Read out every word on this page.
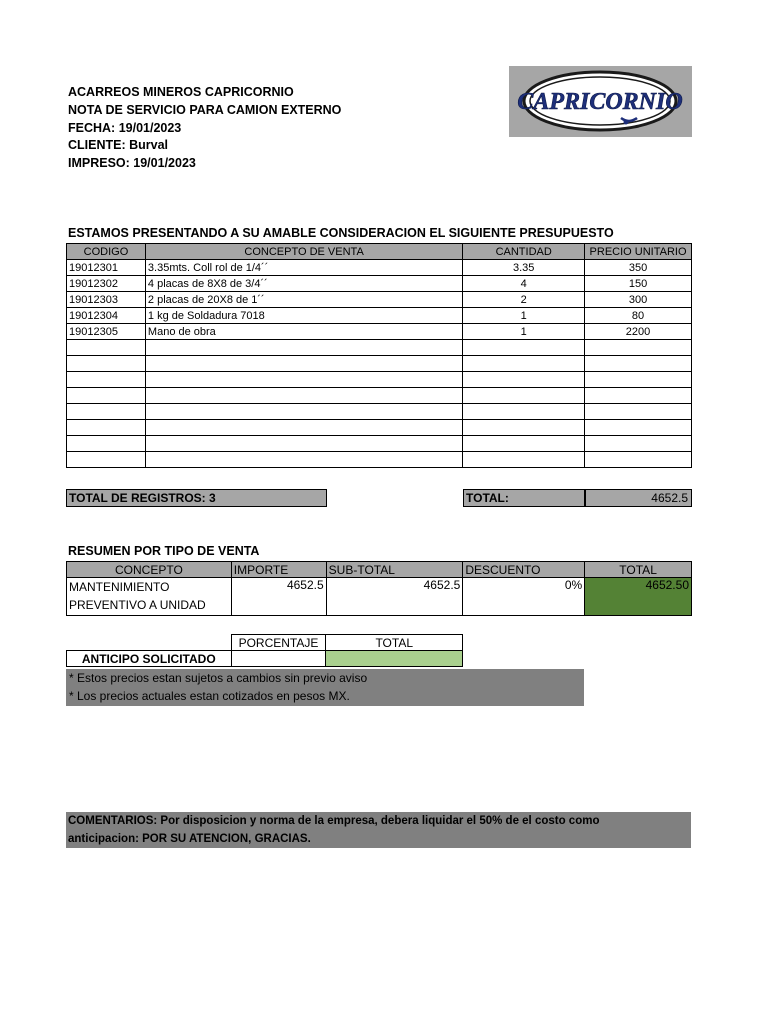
ACARREOS MINEROS CAPRICORNIO
NOTA DE SERVICIO PARA CAMION EXTERNO
FECHA: 19/01/2023
CLIENTE: Burval
IMPRESO: 19/01/2023
CAPRICORNIO
ESTAMOS PRESENTANDO A SU AMABLE CONSIDERACION EL SIGUIENTE PRESUPUESTO
CODIGO	CONCEPTO DE VENTA	CANTIDAD	PRECIO UNITARIO
19012301	3.35mts. Coll rol de 1/4´´	3.35	350
19012302	4 placas de 8X8 de 3/4´´	4	150
19012303	2 placas de 20X8 de 1´´	2	300
19012304	1 kg de Soldadura 7018	1	80
19012305	Mano de obra	1	2200

TOTAL DE REGISTROS: 3	TOTAL:	4652.5
RESUMEN POR TIPO DE VENTA
CONCEPTO	IMPORTE	SUB-TOTAL	DESCUENTO	TOTAL

MANTENIMIENTO
PREVENTIVO A UNIDAD	4652.5	4652.5	0%	4652.50
	PORCENTAJE	TOTAL
ANTICIPO SOLICITADO		
* Estos precios estan sujetos a cambios sin previo aviso
* Los precios actuales estan cotizados en pesos MX.
COMENTARIOS: Por disposicion y norma de la empresa, debera liquidar el 50% de el costo como
anticipacion: POR SU ATENCION, GRACIAS.
